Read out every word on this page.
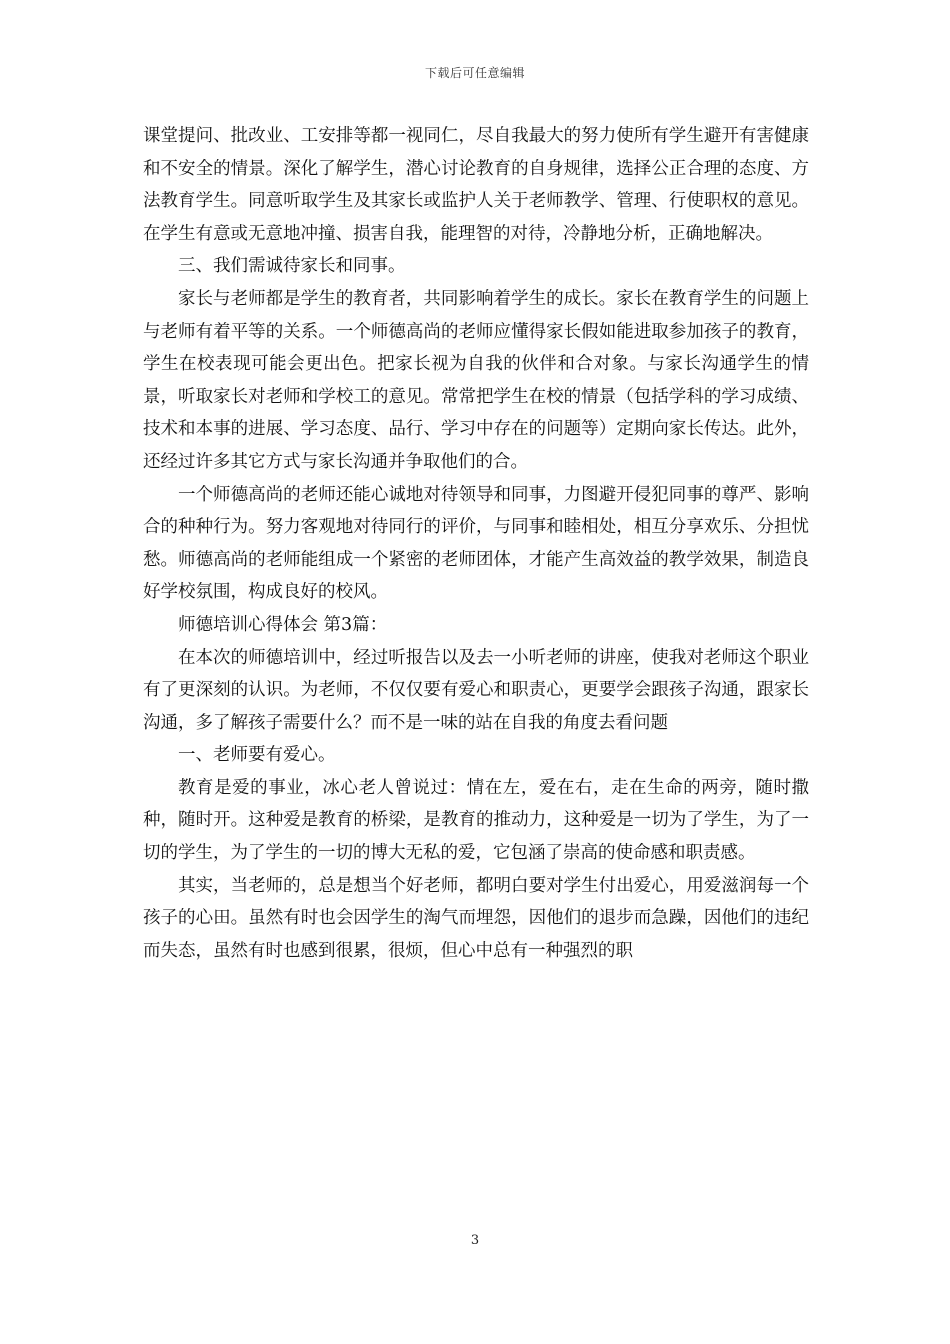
下载后可任意编辑

课堂提问、批改业、工安排等都一视同仁，尽自我最大的努力使所有学生避开有害健康和不安全的情景。深化了解学生，潜心讨论教育的自身规律，选择公正合理的态度、方法教育学生。同意听取学生及其家长或监护人关于老师教学、管理、行使职权的意见。在学生有意或无意地冲撞、损害自我，能理智的对待，冷静地分析，正确地解决。

三、我们需诚待家长和同事。

家长与老师都是学生的教育者，共同影响着学生的成长。家长在教育学生的问题上与老师有着平等的关系。一个师德高尚的老师应懂得家长假如能进取参加孩子的教育，学生在校表现可能会更出色。把家长视为自我的伙伴和合对象。与家长沟通学生的情景，听取家长对老师和学校工的意见。常常把学生在校的情景（包括学科的学习成绩、技术和本事的进展、学习态度、品行、学习中存在的问题等）定期向家长传达。此外，还经过许多其它方式与家长沟通并争取他们的合。

一个师德高尚的老师还能心诚地对待领导和同事，力图避开侵犯同事的尊严、影响合的种种行为。努力客观地对待同行的评价，与同事和睦相处，相互分享欢乐、分担忧愁。师德高尚的老师能组成一个紧密的老师团体，才能产生高效益的教学效果，制造良好学校氛围，构成良好的校风。

师德培训心得体会 第3篇：

在本次的师德培训中，经过听报告以及去一小听老师的讲座，使我对老师这个职业有了更深刻的认识。为老师，不仅仅要有爱心和职责心，更要学会跟孩子沟通，跟家长沟通，多了解孩子需要什么？而不是一味的站在自我的角度去看问题

一、老师要有爱心。

教育是爱的事业，冰心老人曾说过：情在左，爱在右，走在生命的两旁，随时撒种，随时开。这种爱是教育的桥梁，是教育的推动力，这种爱是一切为了学生，为了一切的学生，为了学生的一切的博大无私的爱，它包涵了崇高的使命感和职责感。

其实，当老师的，总是想当个好老师，都明白要对学生付出爱心，用爱滋润每一个孩子的心田。虽然有时也会因学生的淘气而埋怨，因他们的退步而急躁，因他们的违纪而失态，虽然有时也感到很累，很烦，但心中总有一种强烈的职

3
